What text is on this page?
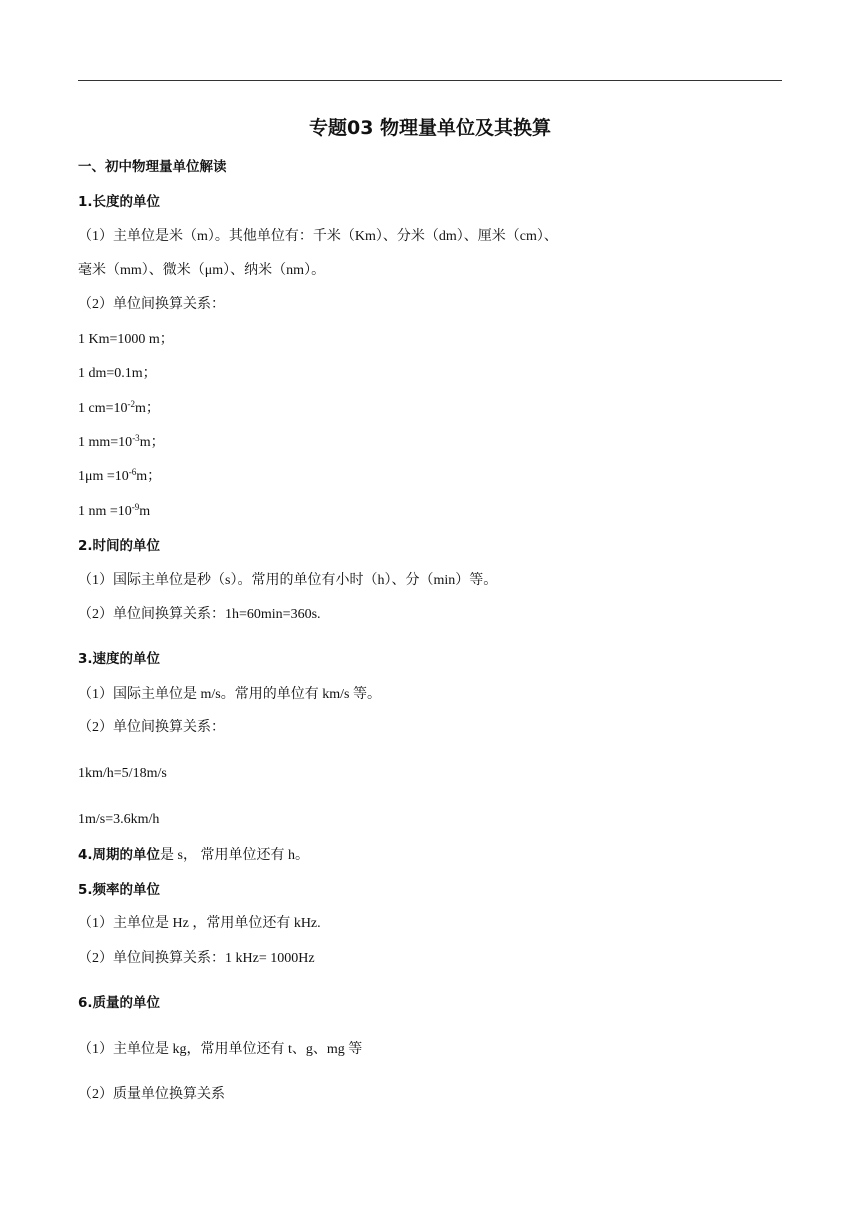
专题03 物理量单位及其换算
一、初中物理量单位解读
1.长度的单位
（1）主单位是米（m）。其他单位有：千米（Km）、分米（dm）、厘米（cm）、
毫米（mm）、微米（μm）、纳米（nm）。
（2）单位间换算关系：
1 Km=1000 m；
1 dm=0.1m；
1 $cm=10^{-2}m$；
1 $mm=10^{-3}m$；
$1\mu m =10^{-6}m$；
1 nm $=10^{-9}m$
2.时间的单位
（1）国际主单位是秒（s）。常用的单位有小时（h）、分（min）等。
（2）单位间换算关系：1h=60min=360s.
3.速度的单位
（1）国际主单位是 m/s。常用的单位有 km/s 等。
（2）单位间换算关系：
1km/h=5/18m/s
1m/s=3.6km/h
4.周期的单位是 s， 常用单位还有 h。
5.频率的单位
（1）主单位是 Hz ，常用单位还有 kHz.
（2）单位间换算关系：1 kHz= 1000Hz
6.质量的单位
（1）主单位是 kg，常用单位还有 t、g、mg 等
（2）质量单位换算关系
